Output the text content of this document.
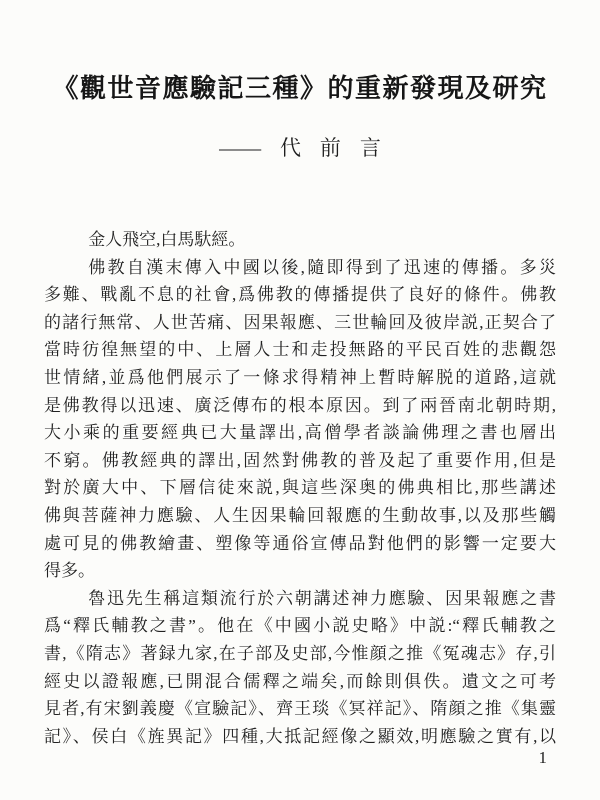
《觀世音應驗記三種》的重新發現及研究
—— 代前言
金人飛空,白馬馱經。
佛教自漢末傳入中國以後,隨即得到了迅速的傳播。多災
多難、戰亂不息的社會,爲佛教的傳播提供了良好的條件。佛教
的諸行無常、人世苦痛、因果報應、三世輪回及彼岸説,正契合了
當時彷徨無望的中、上層人士和走投無路的平民百姓的悲觀怨
世情緒,並爲他們展示了一條求得精神上暫時解脱的道路,這就
是佛教得以迅速、廣泛傳布的根本原因。到了兩晉南北朝時期,
大小乘的重要經典已大量譯出,高僧學者談論佛理之書也層出
不窮。佛教經典的譯出,固然對佛教的普及起了重要作用,但是
對於廣大中、下層信徒來説,與這些深奥的佛典相比,那些講述
佛與菩薩神力應驗、人生因果輪回報應的生動故事,以及那些觸
處可見的佛教繪畫、塑像等通俗宣傳品對他們的影響一定要大
得多。
魯迅先生稱這類流行於六朝講述神力應驗、因果報應之書
爲“釋氏輔教之書”。他在《中國小説史略》中説:“釋氏輔教之
書,《隋志》著録九家,在子部及史部,今惟顔之推《冤魂志》存,引
經史以證報應,已開混合儒釋之端矣,而餘則俱佚。遺文之可考
見者,有宋劉義慶《宣驗記》、齊王琰《冥祥記》、隋顔之推《集靈
記》、侯白《旌異記》四種,大抵記經像之顯效,明應驗之實有,以
1
